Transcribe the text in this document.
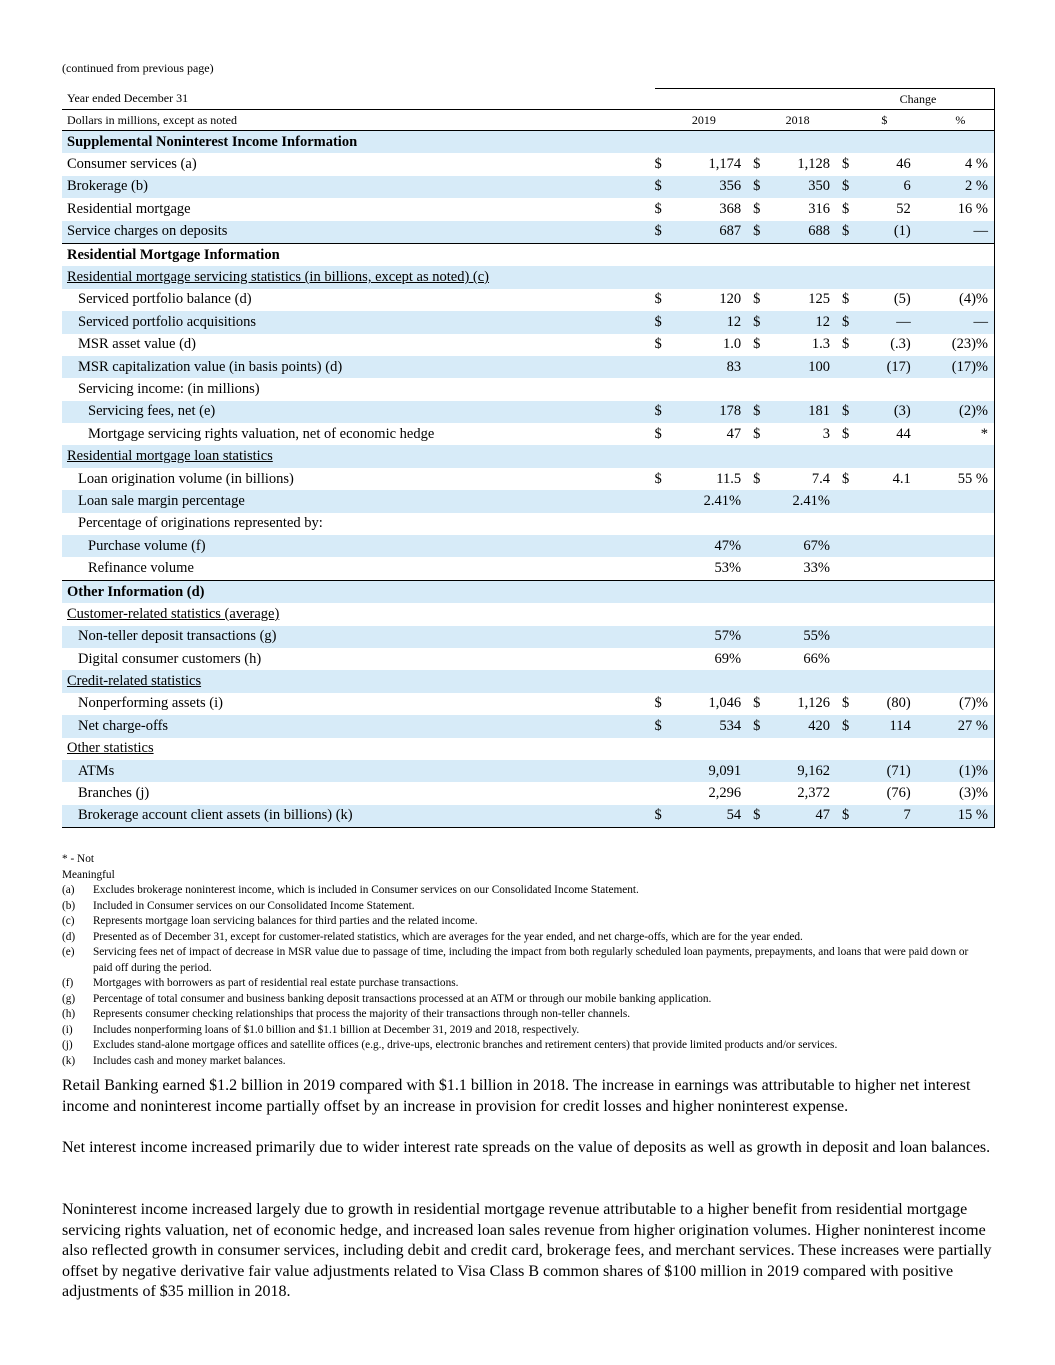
(continued from previous page)
Year ended December 31					Change		
Dollars in millions, except as noted	2019		2018		$		%
Supplemental Noninterest Income Information							
Consumer services (a)	$	1,174	$	1,128	$	46	4 %
Brokerage (b)	$	356	$	350	$	6	2 %
Residential mortgage	$	368	$	316	$	52	16 %
Service charges on deposits	$	687	$	688	$	(1)	—
Residential Mortgage Information							
Residential mortgage servicing statistics (in billions, except as noted) (c)							
Serviced portfolio balance (d)	$	120	$	125	$	(5)	(4)%
Serviced portfolio acquisitions	$	12	$	12	$	—	—
MSR asset value (d)	$	1.0	$	1.3	$	(.3)	(23)%
MSR capitalization value (in basis points) (d)		83		100		(17)	(17)%
Servicing income: (in millions)							
Servicing fees, net (e)	$	178	$	181	$	(3)	(2)%
Mortgage servicing rights valuation, net of economic hedge	$	47	$	3	$	44	*
Residential mortgage loan statistics							
Loan origination volume (in billions)	$	11.5	$	7.4	$	4.1	55 %
Loan sale margin percentage		2.41%		2.41%			
Percentage of originations represented by:							
Purchase volume (f)		47%		67%			
Refinance volume		53%		33%			
Other Information (d)							
Customer-related statistics (average)							
Non-teller deposit transactions (g)		57%		55%			
Digital consumer customers (h)		69%		66%			
Credit-related statistics							
Nonperforming assets (i)	$	1,046	$	1,126	$	(80)	(7)%
Net charge-offs	$	534	$	420	$	114	27 %
Other statistics							
ATMs		9,091		9,162		(71)	(1)%
Branches (j)		2,296		2,372		(76)	(3)%
Brokerage account client assets (in billions) (k)	$	54	$	47	$	7	15 %
* - Not Meaningful
(a)	Excludes brokerage noninterest income, which is included in Consumer services on our Consolidated Income Statement.
(b)	Included in Consumer services on our Consolidated Income Statement.
(c)	Represents mortgage loan servicing balances for third parties and the related income.
(d)	Presented as of December 31, except for customer-related statistics, which are averages for the year ended, and net charge-offs, which are for the year ended.
(e)	Servicing fees net of impact of decrease in MSR value due to passage of time, including the impact from both regularly scheduled loan payments, prepayments, and loans that were paid down or paid off during the period.
(f)	Mortgages with borrowers as part of residential real estate purchase transactions.
(g)	Percentage of total consumer and business banking deposit transactions processed at an ATM or through our mobile banking application.
(h)	Represents consumer checking relationships that process the majority of their transactions through non-teller channels.
(i)	Includes nonperforming loans of $1.0 billion and $1.1 billion at December 31, 2019 and 2018, respectively.
(j)	Excludes stand-alone mortgage offices and satellite offices (e.g., drive-ups, electronic branches and retirement centers) that provide limited products and/or services.
(k)	Includes cash and money market balances.

Retail Banking earned $1.2 billion in 2019 compared with $1.1 billion in 2018. The increase in earnings was attributable to higher net interest income and noninterest income partially offset by an increase in provision for credit losses and higher noninterest expense.

Net interest income increased primarily due to wider interest rate spreads on the value of deposits as well as growth in deposit and loan balances.

Noninterest income increased largely due to growth in residential mortgage revenue attributable to a higher benefit from residential mortgage servicing rights valuation, net of economic hedge, and increased loan sales revenue from higher origination volumes. Higher noninterest income also reflected growth in consumer services, including debit and credit card, brokerage fees, and merchant services. These increases were partially offset by negative derivative fair value adjustments related to Visa Class B common shares of $100 million in 2019 compared with positive adjustments of $35 million in 2018.
